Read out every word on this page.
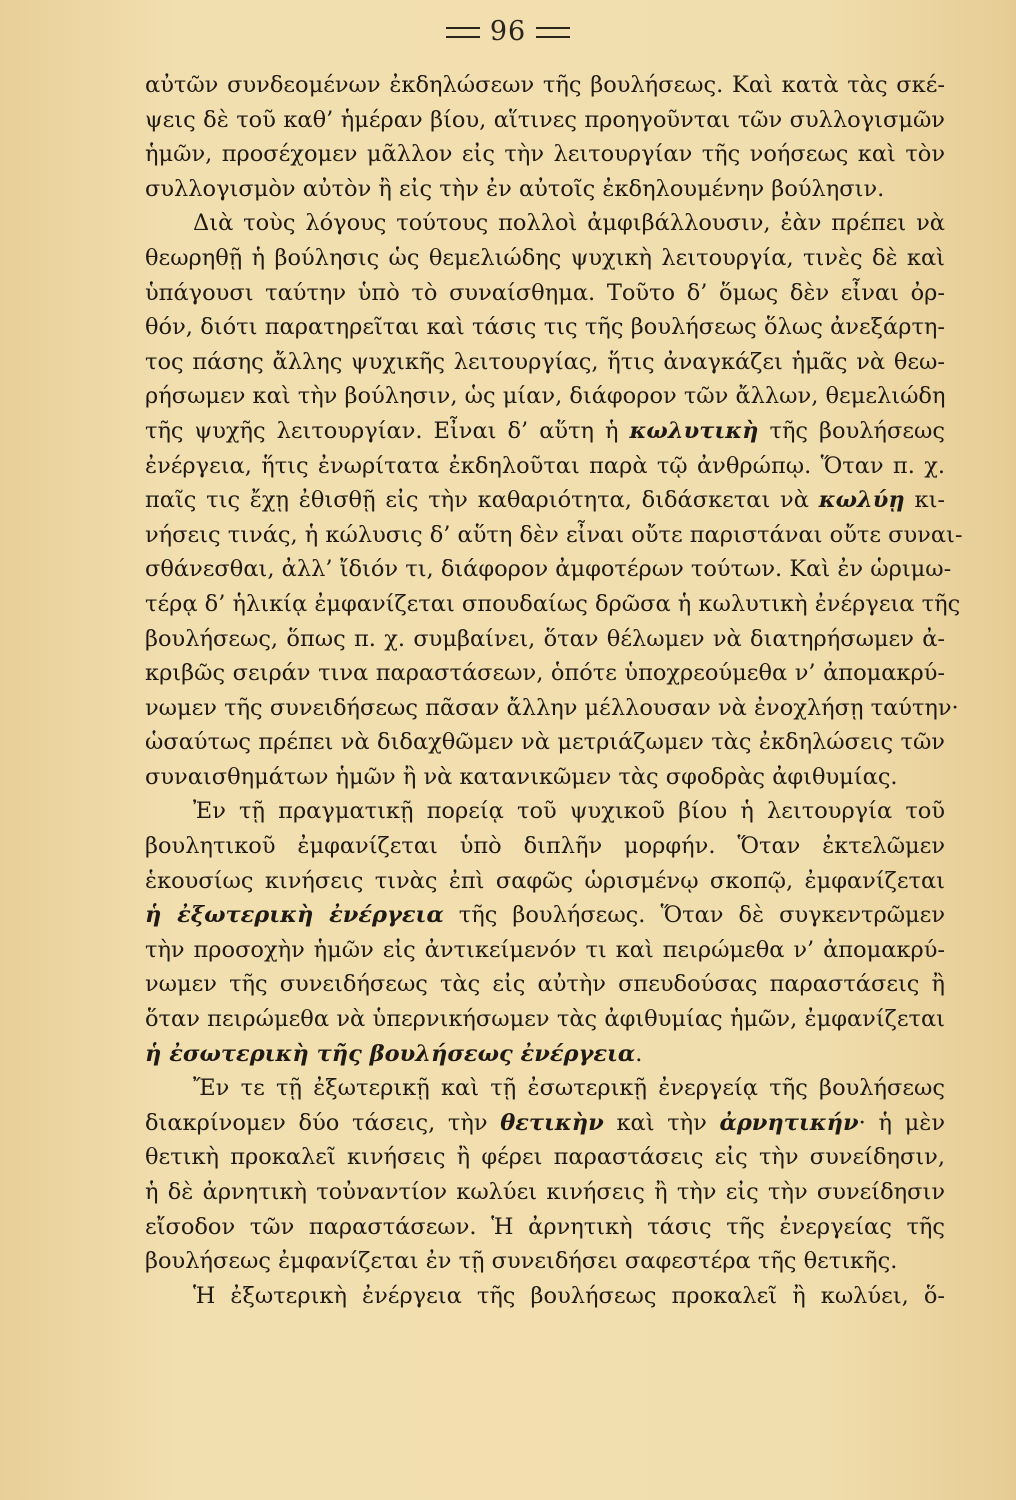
96
αὐτῶν συνδεομένων ἐκδηλώσεων τῆς βουλήσεως. Καὶ κατὰ τὰς σκέ-
ψεις δὲ τοῦ καθ’ ἡμέραν βίου, αἵτινες προηγοῦνται τῶν συλλογισμῶν
ἡμῶν, προσέχομεν μᾶλλον εἰς τὴν λειτουργίαν τῆς νοήσεως καὶ τὸν
συλλογισμὸν αὐτὸν ἢ εἰς τὴν ἐν αὐτοῖς ἐκδηλουμένην βούλησιν.
Διὰ τοὺς λόγους τούτους πολλοὶ ἀμφιβάλλουσιν, ἐὰν πρέπει νὰ
θεωρηθῇ ἡ βούλησις ὡς θεμελιώδης ψυχικὴ λειτουργία, τινὲς δὲ καὶ
ὑπάγουσι ταύτην ὑπὸ τὸ συναίσθημα. Τοῦτο δ’ ὅμως δὲν εἶναι ὀρ-
θόν, διότι παρατηρεῖται καὶ τάσις τις τῆς βουλήσεως ὅλως ἀνεξάρτη-
τος πάσης ἄλλης ψυχικῆς λειτουργίας, ἥτις ἀναγκάζει ἡμᾶς νὰ θεω-
ρήσωμεν καὶ τὴν βούλησιν, ὡς μίαν, διάφορον τῶν ἄλλων, θεμελιώδη
τῆς ψυχῆς λειτουργίαν. Εἶναι δ’ αὕτη ἡ κωλυτικὴ τῆς βουλήσεως
ἐνέργεια, ἥτις ἐνωρίτατα ἐκδηλοῦται παρὰ τῷ ἀνθρώπῳ. Ὅταν π. χ.
παῖς τις ἔχῃ ἐθισθῇ εἰς τὴν καθαριότητα, διδάσκεται νὰ κωλύῃ κι-
νήσεις τινάς, ἡ κώλυσις δ’ αὕτη δὲν εἶναι οὔτε παριστάναι οὔτε συναι-
σθάνεσθαι, ἀλλ’ ἴδιόν τι, διάφορον ἀμφοτέρων τούτων. Καὶ ἐν ὡριμω-
τέρᾳ δ’ ἡλικίᾳ ἐμφανίζεται σπουδαίως δρῶσα ἡ κωλυτικὴ ἐνέργεια τῆς
βουλήσεως, ὅπως π. χ. συμβαίνει, ὅταν θέλωμεν νὰ διατηρήσωμεν ἀ-
κριβῶς σειράν τινα παραστάσεων, ὁπότε ὑποχρεούμεθα ν’ ἀπομακρύ-
νωμεν τῆς συνειδήσεως πᾶσαν ἄλλην μέλλουσαν νὰ ἐνοχλήσῃ ταύτην·
ὡσαύτως πρέπει νὰ διδαχθῶμεν νὰ μετριάζωμεν τὰς ἐκδηλώσεις τῶν
συναισθημάτων ἡμῶν ἢ νὰ κατανικῶμεν τὰς σφοδρὰς ἀφιθυμίας.
Ἐν τῇ πραγματικῇ πορείᾳ τοῦ ψυχικοῦ βίου ἡ λειτουργία τοῦ
βουλητικοῦ ἐμφανίζεται ὑπὸ διπλῆν μορφήν. Ὅταν ἐκτελῶμεν
ἑκουσίως κινήσεις τινὰς ἐπὶ σαφῶς ὡρισμένῳ σκοπῷ, ἐμφανίζεται
ἡ ἐξωτερικὴ ἐνέργεια τῆς βουλήσεως. Ὅταν δὲ συγκεντρῶμεν
τὴν προσοχὴν ἡμῶν εἰς ἀντικείμενόν τι καὶ πειρώμεθα ν’ ἀπομακρύ-
νωμεν τῆς συνειδήσεως τὰς εἰς αὐτὴν σπευδούσας παραστάσεις ἢ
ὅταν πειρώμεθα νὰ ὑπερνικήσωμεν τὰς ἀφιθυμίας ἡμῶν, ἐμφανίζεται
ἡ ἐσωτερικὴ τῆς βουλήσεως ἐνέργεια.
Ἔν τε τῇ ἐξωτερικῇ καὶ τῇ ἐσωτερικῇ ἐνεργείᾳ τῆς βουλήσεως
διακρίνομεν δύο τάσεις, τὴν θετικὴν καὶ τὴν ἀρνητικήν· ἡ μὲν
θετικὴ προκαλεῖ κινήσεις ἢ φέρει παραστάσεις εἰς τὴν συνείδησιν,
ἡ δὲ ἀρνητικὴ τοὐναντίον κωλύει κινήσεις ἢ τὴν εἰς τὴν συνείδησιν
εἴσοδον τῶν παραστάσεων. Ἡ ἀρνητικὴ τάσις τῆς ἐνεργείας τῆς
βουλήσεως ἐμφανίζεται ἐν τῇ συνειδήσει σαφεστέρα τῆς θετικῆς.
Ἡ ἐξωτερικὴ ἐνέργεια τῆς βουλήσεως προκαλεῖ ἢ κωλύει, ὅ-
